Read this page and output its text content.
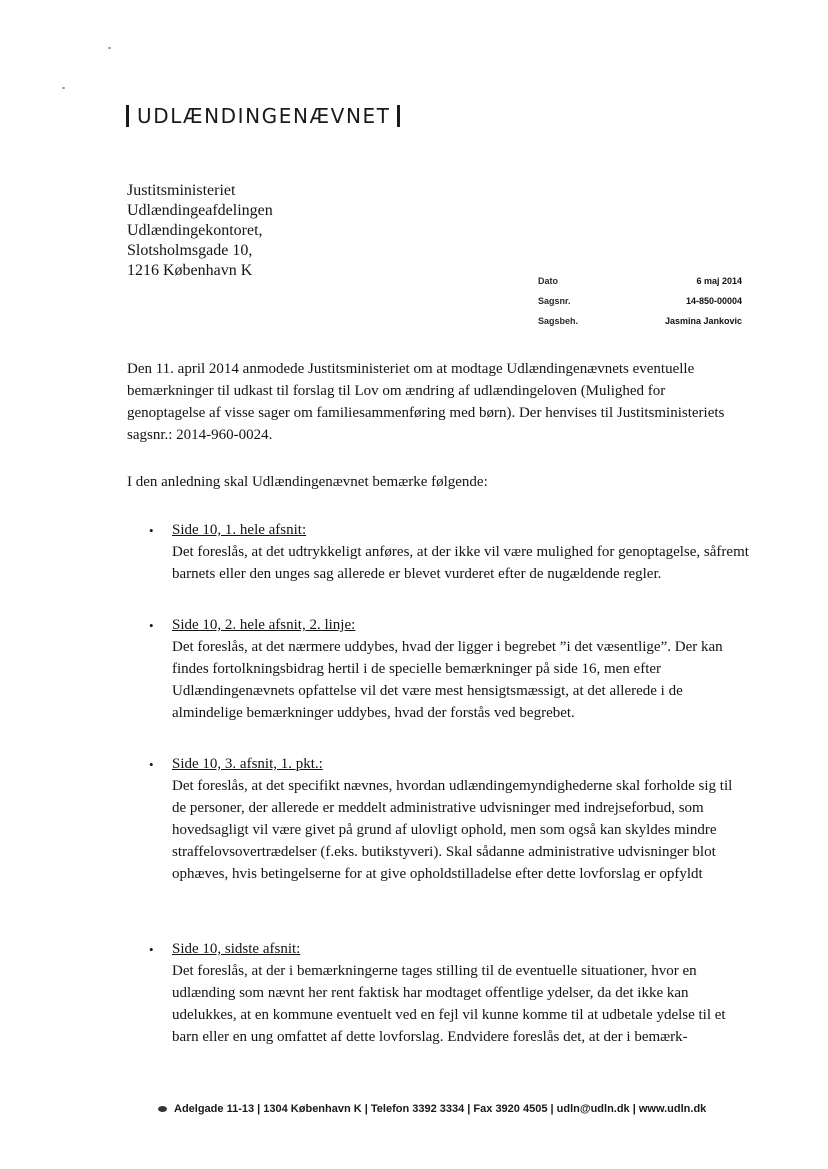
UDLÆNDINGENÆVNET
Justitsministeriet
Udlændingeafdelingen
Udlændingekontoret,
Slotsholmsgade 10,
1216 København K
Dato	6 maj 2014
Sagsnr.	14-850-00004
Sagsbeh.	Jasmina Jankovic
Den 11. april 2014 anmodede Justitsministeriet om at modtage Udlændingenævnets eventuelle bemærkninger til udkast til forslag til Lov om ændring af udlændingeloven (Mulighed for genoptagelse af visse sager om familiesammenføring med børn). Der henvises til Justitsministeriets sagsnr.: 2014-960-0024.
I den anledning skal Udlændingenævnet bemærke følgende:
• Side 10, 1. hele afsnit:
Det foreslås, at det udtrykkeligt anføres, at der ikke vil være mulighed for genoptagelse, såfremt barnets eller den unges sag allerede er blevet vurderet efter de nugældende regler.
• Side 10, 2. hele afsnit, 2. linje:
Det foreslås, at det nærmere uddybes, hvad der ligger i begrebet ”i det væsentlige”. Der kan findes fortolkningsbidrag hertil i de specielle bemærkninger på side 16, men efter Udlændingenævnets opfattelse vil det være mest hensigtsmæssigt, at det allerede i de almindelige bemærkninger uddybes, hvad der forstås ved begrebet.
• Side 10, 3. afsnit, 1. pkt.:
Det foreslås, at det specifikt nævnes, hvordan udlændingemyndighederne skal forholde sig til de personer, der allerede er meddelt administrative udvisninger med indrejseforbud, som hovedsagligt vil være givet på grund af ulovligt ophold, men som også kan skyldes mindre straffelovsovertrædelser (f.eks. butikstyveri). Skal sådanne administrative udvisninger blot ophæves, hvis betingelserne for at give opholdstilladelse efter dette lovforslag er opfyldt
• Side 10, sidste afsnit:
Det foreslås, at der i bemærkningerne tages stilling til de eventuelle situationer, hvor en udlænding som nævnt her rent faktisk har modtaget offentlige ydelser, da det ikke kan udelukkes, at en kommune eventuelt ved en fejl vil kunne komme til at udbetale ydelse til et barn eller en ung omfattet af dette lovforslag. Endvidere foreslås det, at der i bemærk-
Adelgade 11-13 | 1304 København K | Telefon 3392 3334 | Fax 3920 4505 | udln@udln.dk | www.udln.dk
